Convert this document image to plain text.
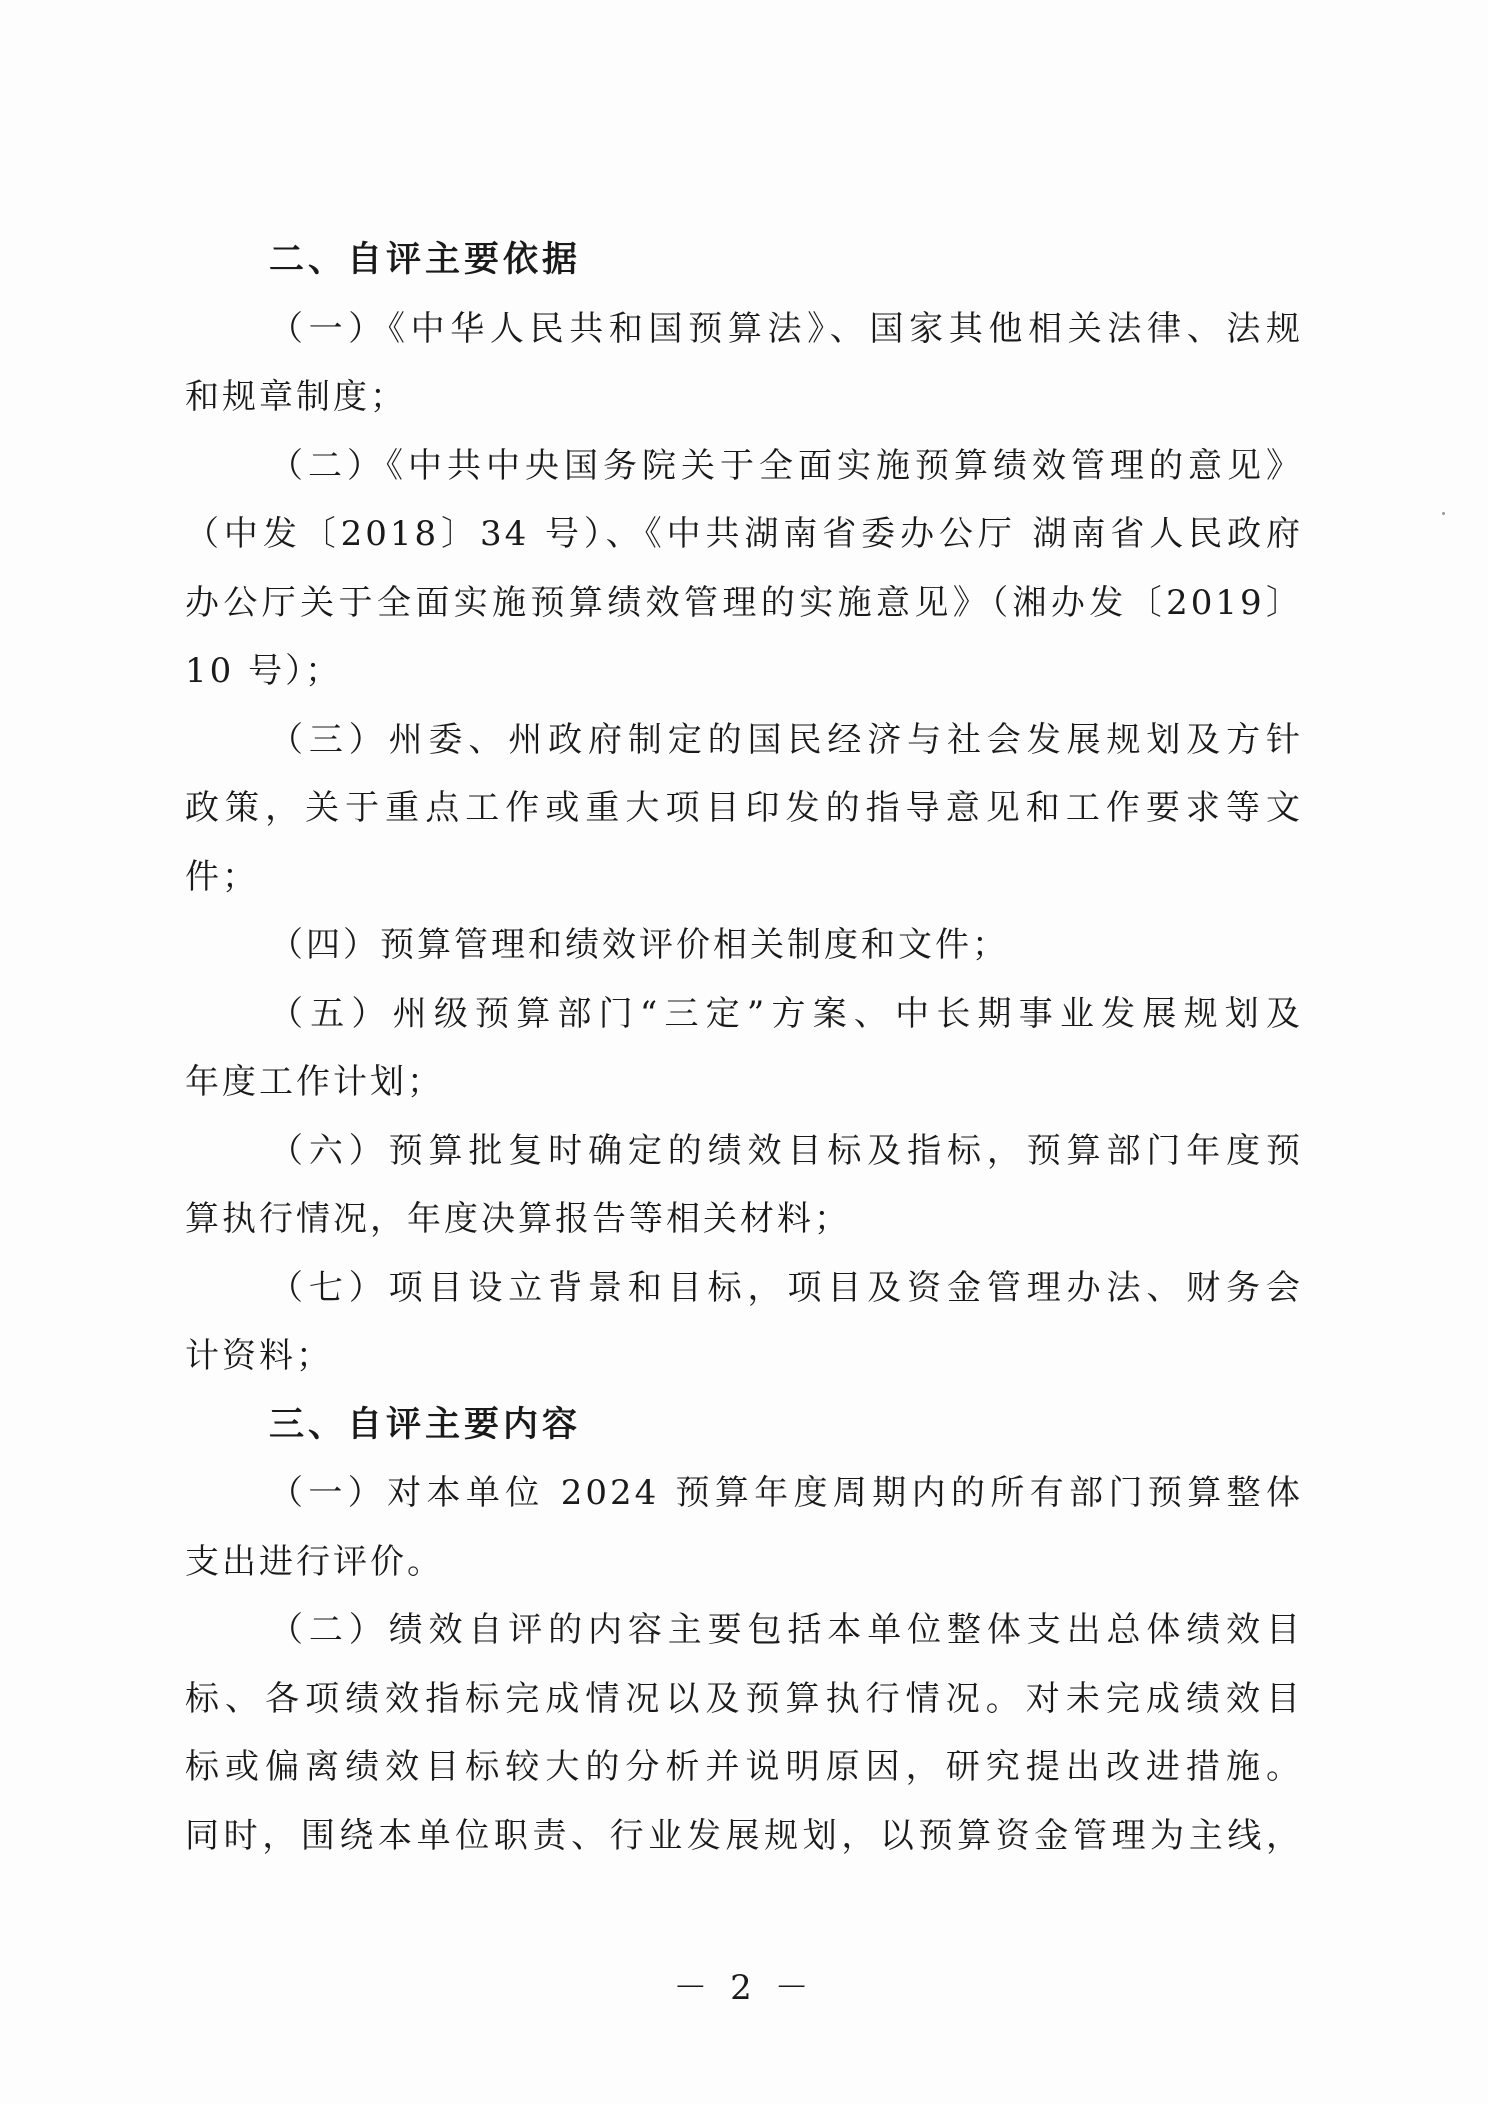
二、自评主要依据
（一）《中华人民共和国预算法》、国家其他相关法律、法规
和规章制度；
（二）《中共中央国务院关于全面实施预算绩效管理的意见》
（中发〔2018〕34 号）、《中共湖南省委办公厅 湖南省人民政府
办公厅关于全面实施预算绩效管理的实施意见》（湘办发〔2019〕
10 号）；
（三）州委、州政府制定的国民经济与社会发展规划及方针
政策，关于重点工作或重大项目印发的指导意见和工作要求等文
件；
（四）预算管理和绩效评价相关制度和文件；
（五）州级预算部门“三定”方案、中长期事业发展规划及
年度工作计划；
（六）预算批复时确定的绩效目标及指标，预算部门年度预
算执行情况，年度决算报告等相关材料；
（七）项目设立背景和目标，项目及资金管理办法、财务会
计资料；
三、自评主要内容
（一）对本单位 2024 预算年度周期内的所有部门预算整体
支出进行评价。
（二）绩效自评的内容主要包括本单位整体支出总体绩效目
标、各项绩效指标完成情况以及预算执行情况。对未完成绩效目
标或偏离绩效目标较大的分析并说明原因，研究提出改进措施。
同时，围绕本单位职责、行业发展规划，以预算资金管理为主线，
－ 2 －
